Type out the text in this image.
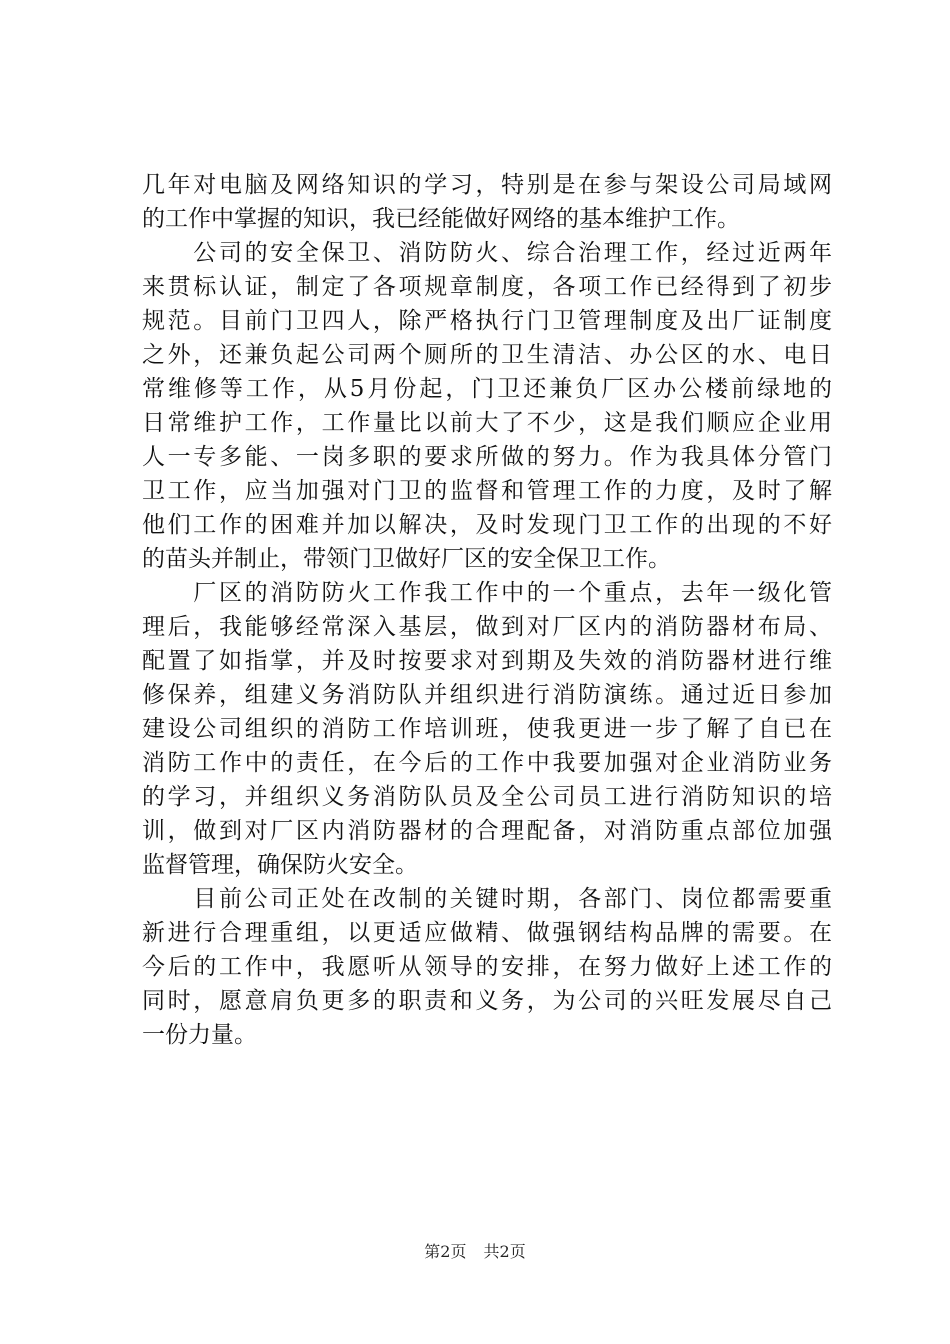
几年对电脑及网络知识的学习，特别是在参与架设公司局域网
的工作中掌握的知识，我已经能做好网络的基本维护工作。
　　公司的安全保卫、消防防火、综合治理工作，经过近两年
来贯标认证，制定了各项规章制度，各项工作已经得到了初步
规范。目前门卫四人，除严格执行门卫管理制度及出厂证制度
之外，还兼负起公司两个厕所的卫生清洁、办公区的水、电日
常维修等工作，从5月份起，门卫还兼负厂区办公楼前绿地的
日常维护工作，工作量比以前大了不少，这是我们顺应企业用
人一专多能、一岗多职的要求所做的努力。作为我具体分管门
卫工作，应当加强对门卫的监督和管理工作的力度，及时了解
他们工作的困难并加以解决，及时发现门卫工作的出现的不好
的苗头并制止，带领门卫做好厂区的安全保卫工作。
　　厂区的消防防火工作我工作中的一个重点，去年一级化管
理后，我能够经常深入基层，做到对厂区内的消防器材布局、
配置了如指掌，并及时按要求对到期及失效的消防器材进行维
修保养，组建义务消防队并组织进行消防演练。通过近日参加
建设公司组织的消防工作培训班，使我更进一步了解了自已在
消防工作中的责任，在今后的工作中我要加强对企业消防业务
的学习，并组织义务消防队员及全公司员工进行消防知识的培
训，做到对厂区内消防器材的合理配备，对消防重点部位加强
监督管理，确保防火安全。
　　目前公司正处在改制的关键时期，各部门、岗位都需要重
新进行合理重组，以更适应做精、做强钢结构品牌的需要。在
今后的工作中，我愿听从领导的安排，在努力做好上述工作的
同时，愿意肩负更多的职责和义务，为公司的兴旺发展尽自己
一份力量。
第2页 共2页
